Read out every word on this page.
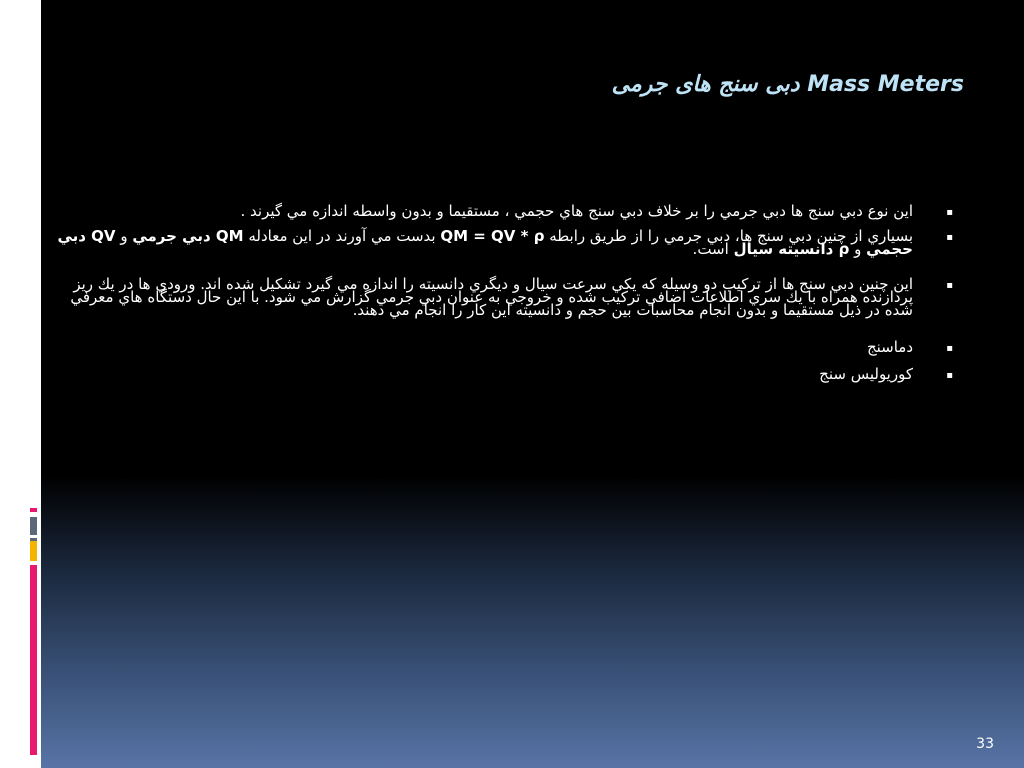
دبی سنج های جرمی Mass Meters
▪
اين نوع دبي سنج ها دبي جرمي را بر خلاف دبي سنج هاي حجمي ، مستقيما و بدون واسطه اندازه مي گيرند .
▪
بسياري از چنين دبي سنج ها، دبي جرمي را از طريق رابطه QM = QV * ρ بدست مي آورند در اين معادله QM دبي جرمي و QV دبي حجمي و ρ دانسيته سيال است.
▪
اين چنين دبي سنج ها از تركيب دو وسيله كه يكي سرعت سيال و ديگري دانسيته را اندازه مي گيرد تشكيل شده اند. ورودي ها در يك ريز پردازنده همراه با يك سري اطلاعات اضافي تركيب شده و خروجي به عنوان دبي جرمي گزارش مي شود. با اين حال دستگاه هاي معرفي شده در ذيل مستقيما و بدون انجام محاسبات بين حجم و دانسيته اين كار را انجام مي دهند.
▪
دماسنج
▪
كوريوليس سنج
33
